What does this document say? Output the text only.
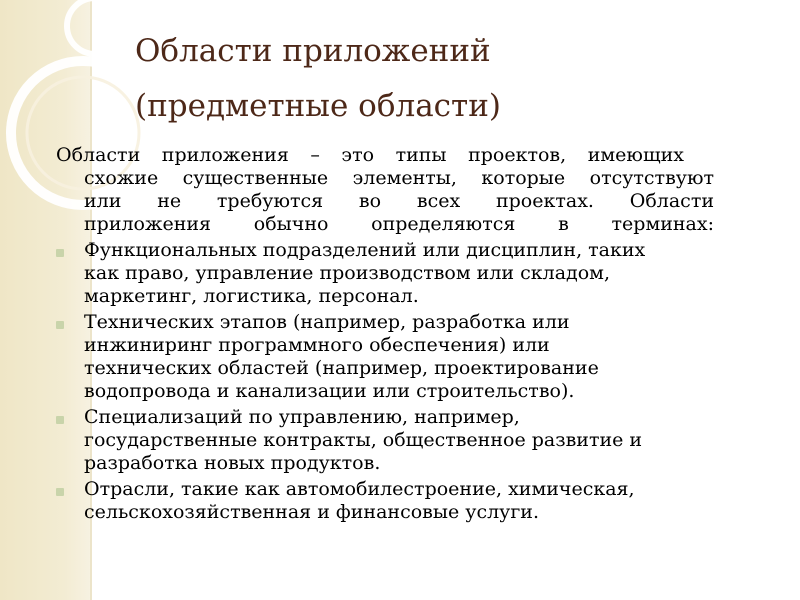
Области приложений
(предметные области)
Области приложения – это типы проектов, имеющих
схожие существенные элементы, которые отсутствуют
или не требуются во всех проектах. Области
приложения обычно определяются в терминах:
Функциональных подразделений или дисциплин, таких
как право, управление производством или складом,
маркетинг, логистика, персонал.
Технических этапов (например, разработка или
инжиниринг программного обеспечения) или
технических областей (например, проектирование
водопровода и канализации или строительство).
Специализаций по управлению, например,
государственные контракты, общественное развитие и
разработка новых продуктов.
Отрасли, такие как автомобилестроение, химическая,
сельскохозяйственная и финансовые услуги.
